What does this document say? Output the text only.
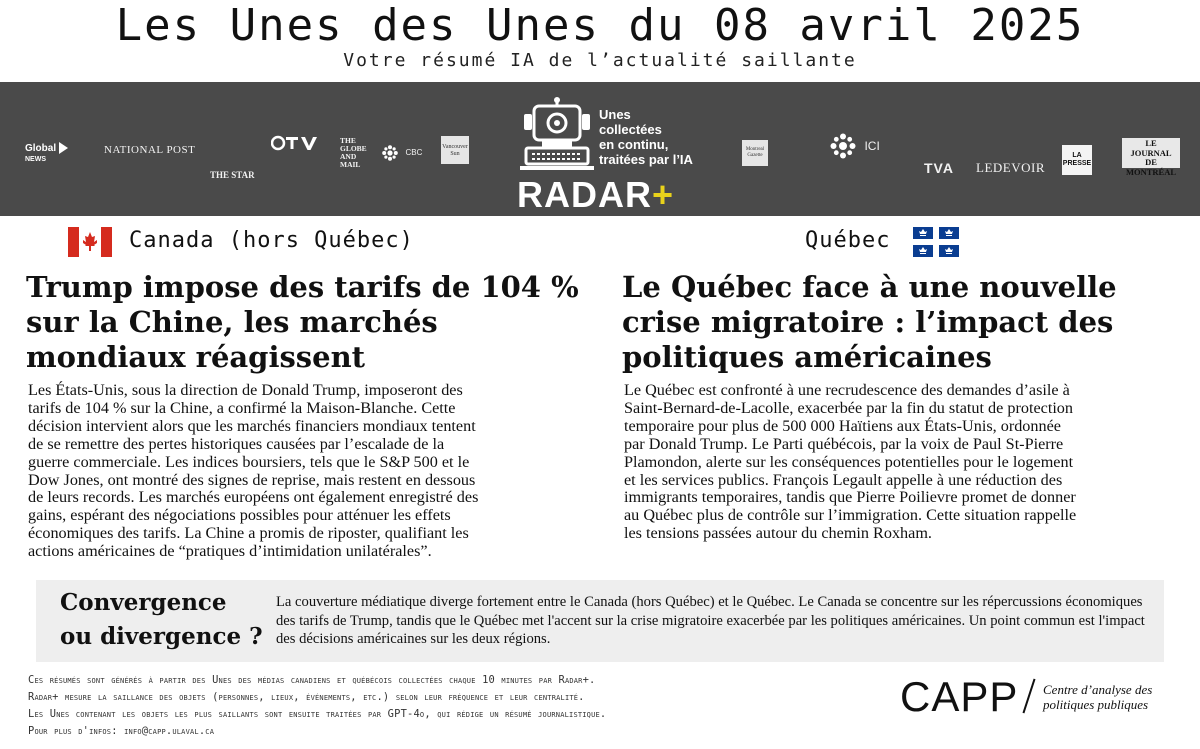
Les Unes des Unes du 08 avril 2025
Votre résumé IA de l’actualité saillante
Global
NEWS
NATIONAL POST
THE STAR
THE GLOBE AND MAIL
CBC
Vancouver Sun
Unes
collectées
en continu,
traitées par l’IA
RADAR+
Montreal Gazette
ICI
TVA LEDEVOIR
LA PRESSE
LE JOURNAL DE MONTRÉAL
Canada (hors Québec)
Trump impose des tarifs de 104 %
sur la Chine, les marchés
mondiaux réagissent
Les États-Unis, sous la direction de Donald Trump, imposeront des
tarifs de 104 % sur la Chine, a confirmé la Maison-Blanche. Cette
décision intervient alors que les marchés financiers mondiaux tentent
de se remettre des pertes historiques causées par l’escalade de la
guerre commerciale. Les indices boursiers, tels que le S&P 500 et le
Dow Jones, ont montré des signes de reprise, mais restent en dessous
de leurs records. Les marchés européens ont également enregistré des
gains, espérant des négociations possibles pour atténuer les effets
économiques des tarifs. La Chine a promis de riposter, qualifiant les
actions américaines de “pratiques d’intimidation unilatérales”.
Québec
Le Québec face à une nouvelle
crise migratoire : l’impact des
politiques américaines
Le Québec est confronté à une recrudescence des demandes d’asile à
Saint-Bernard-de-Lacolle, exacerbée par la fin du statut de protection
temporaire pour plus de 500 000 Haïtiens aux États-Unis, ordonnée
par Donald Trump. Le Parti québécois, par la voix de Paul St-Pierre
Plamondon, alerte sur les conséquences potentielles pour le logement
et les services publics. François Legault appelle à une réduction des
immigrants temporaires, tandis que Pierre Poilievre promet de donner
au Québec plus de contrôle sur l’immigration. Cette situation rappelle
les tensions passées autour du chemin Roxham.
Convergence
ou divergence ?
La couverture médiatique diverge fortement entre le Canada (hors Québec) et le Québec. Le Canada se concentre sur les répercussions économiques des tarifs de Trump, tandis que le Québec met l'accent sur la crise migratoire exacerbée par les politiques américaines. Un point commun est l'impact des décisions américaines sur les deux régions.
Ces résumés sont générés à partir des Unes des médias canadiens et québécois collectées chaque 10 minutes par Radar+.
Radar+ mesure la saillance des objets (personnes, lieux, événements, etc.) selon leur fréquence et leur centralité.
Les Unes contenant les objets les plus saillants sont ensuite traitées par GPT-4o, qui rédige un résumé journalistique.
Pour plus d'infos: info@capp.ulaval.ca
CAPP Centre d’analyse des
politiques publiques
